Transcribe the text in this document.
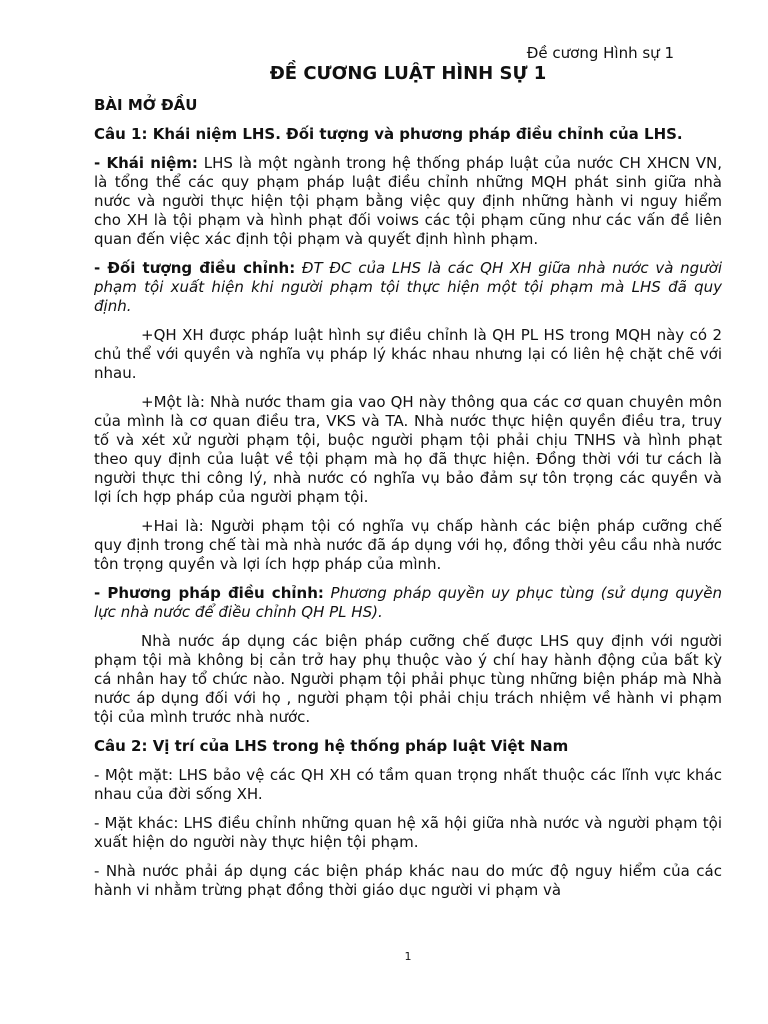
Đề cương Hình sự 1
ĐỀ CƯƠNG LUẬT HÌNH SỰ 1

BÀI MỞ ĐẦU

Câu 1: Khái niệm LHS. Đối tượng và phương pháp điều chỉnh của LHS.

- Khái niệm: LHS là một ngành trong hệ thống pháp luật của nước CH XHCN VN, là tổng thể các quy phạm pháp luật điều chỉnh những MQH phát sinh giữa nhà nước và người thực hiện tội phạm bằng việc quy định những hành vi nguy hiểm cho XH là tội phạm và hình phạt đối voiws các tội phạm cũng như các vấn đề liên quan đến việc xác định tội phạm và quyết định hình phạm.

- Đối tượng điều chỉnh: ĐT ĐC của LHS là các QH XH giữa nhà nước và người phạm tội xuất hiện khi người phạm tội thực hiện một tội phạm mà LHS đã quy định.

+QH XH được pháp luật hình sự điều chỉnh là QH PL HS trong MQH này có 2 chủ thể với quyền và nghĩa vụ pháp lý khác nhau nhưng lại có liên hệ chặt chẽ với nhau.

+Một là: Nhà nước tham gia vao QH này thông qua các cơ quan chuyên môn của mình là cơ quan điều tra, VKS và TA. Nhà nước thực hiện quyền điều tra, truy tố và xét xử người phạm tội, buộc người phạm tội phải chịu TNHS và hình phạt theo quy định của luật về tội phạm mà họ đã thực hiện. Đồng thời với tư cách là người thực thi công lý, nhà nước có nghĩa vụ bảo đảm sự tôn trọng các quyền và lợi ích hợp pháp của người phạm tội.

+Hai là: Người phạm tội có nghĩa vụ chấp hành các biện pháp cưỡng chế quy định trong chế tài mà nhà nước đã áp dụng với họ, đồng thời yêu cầu nhà nước tôn trọng quyền và lợi ích hợp pháp của mình.

- Phương pháp điều chỉnh: Phương pháp quyền uy phục tùng (sử dụng quyền lực nhà nước để điều chỉnh QH PL HS).

Nhà nước áp dụng các biện pháp cưỡng chế được LHS quy định với người phạm tội mà không bị cản trở hay phụ thuộc vào ý chí hay hành động của bất kỳ cá nhân hay tổ chức nào. Người phạm tội phải phục tùng những biện pháp mà Nhà nước áp dụng đối với họ , người phạm tội phải chịu trách nhiệm về hành vi phạm tội của mình trước nhà nước.

Câu 2: Vị trí của LHS trong hệ thống pháp luật Việt Nam

- Một mặt: LHS bảo vệ các QH XH có tầm quan trọng nhất thuộc các lĩnh vực khác nhau của đời sống XH.

- Mặt khác: LHS điều chỉnh những quan hệ xã hội giữa nhà nước và người phạm tội xuất hiện do người này thực hiện tội phạm.

- Nhà nước phải áp dụng các biện pháp khác nau do mức độ nguy hiểm của các hành vi nhằm trừng phạt đồng thời giáo dục người vi phạm và

1
